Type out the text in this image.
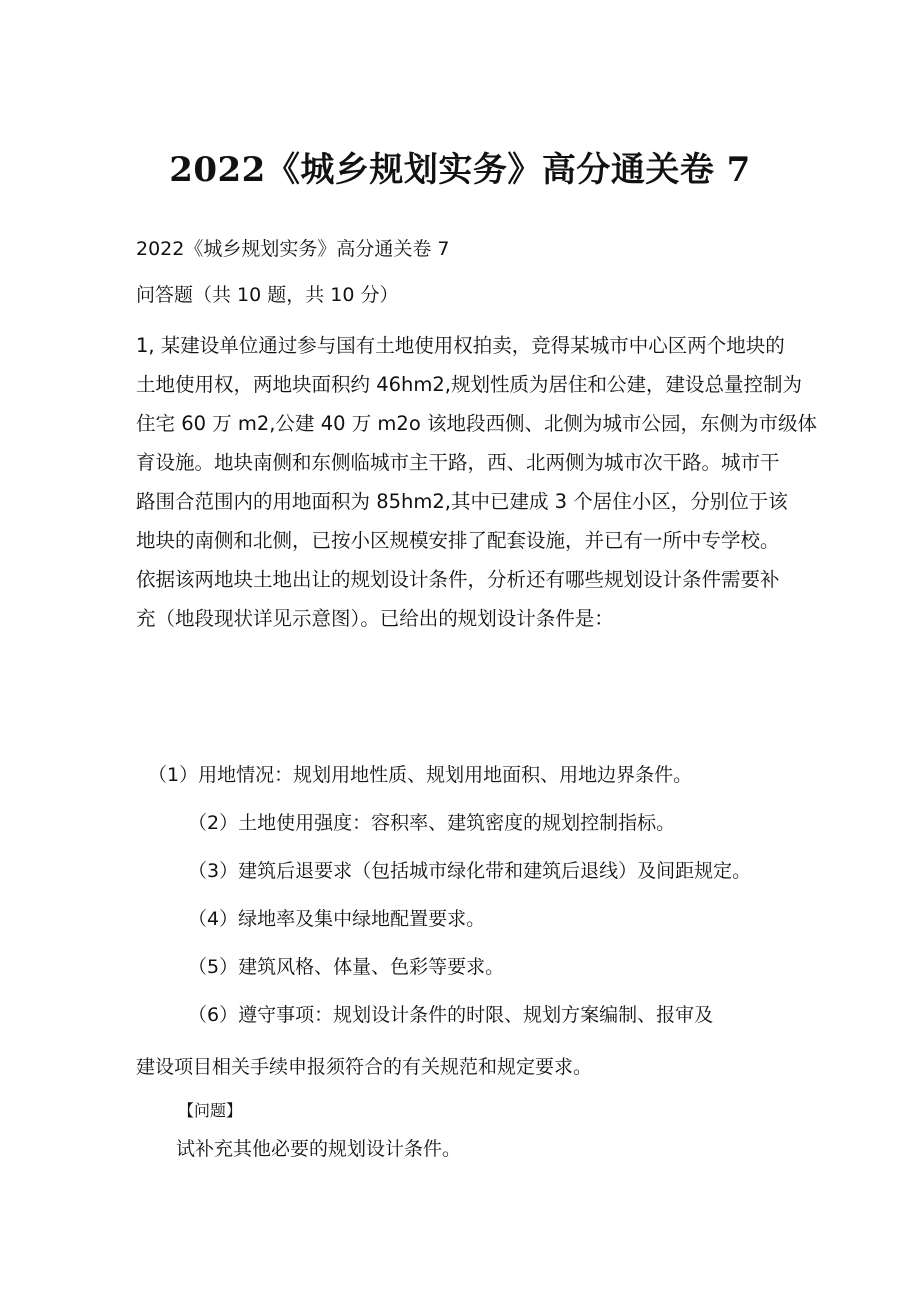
2022《城乡规划实务》高分通关卷 7
2022《城乡规划实务》高分通关卷 7
问答题（共 10 题，共 10 分）
1, 某建设单位通过参与国有土地使用权拍卖，竞得某城市中心区两个地块的
土地使用权，两地块面积约 46hm2,规划性质为居住和公建，建设总量控制为
住宅 60 万 m2,公建 40 万 m2o 该地段西侧、北侧为城市公园，东侧为市级体
育设施。地块南侧和东侧临城市主干路，西、北两侧为城市次干路。城市干
路围合范围内的用地面积为 85hm2,其中已建成 3 个居住小区，分别位于该
地块的南侧和北侧，已按小区规模安排了配套设施，并已有一所中专学校。
依据该两地块土地出让的规划设计条件，分析还有哪些规划设计条件需要补
充（地段现状详见示意图）。已给出的规划设计条件是：
（1）用地情况：规划用地性质、规划用地面积、用地边界条件。
（2）土地使用强度：容积率、建筑密度的规划控制指标。
（3）建筑后退要求（包括城市绿化带和建筑后退线）及间距规定。
（4）绿地率及集中绿地配置要求。
（5）建筑风格、体量、色彩等要求。
（6）遵守事项：规划设计条件的时限、规划方案编制、报审及
建设项目相关手续申报须符合的有关规范和规定要求。
【问题】
试补充其他必要的规划设计条件。
